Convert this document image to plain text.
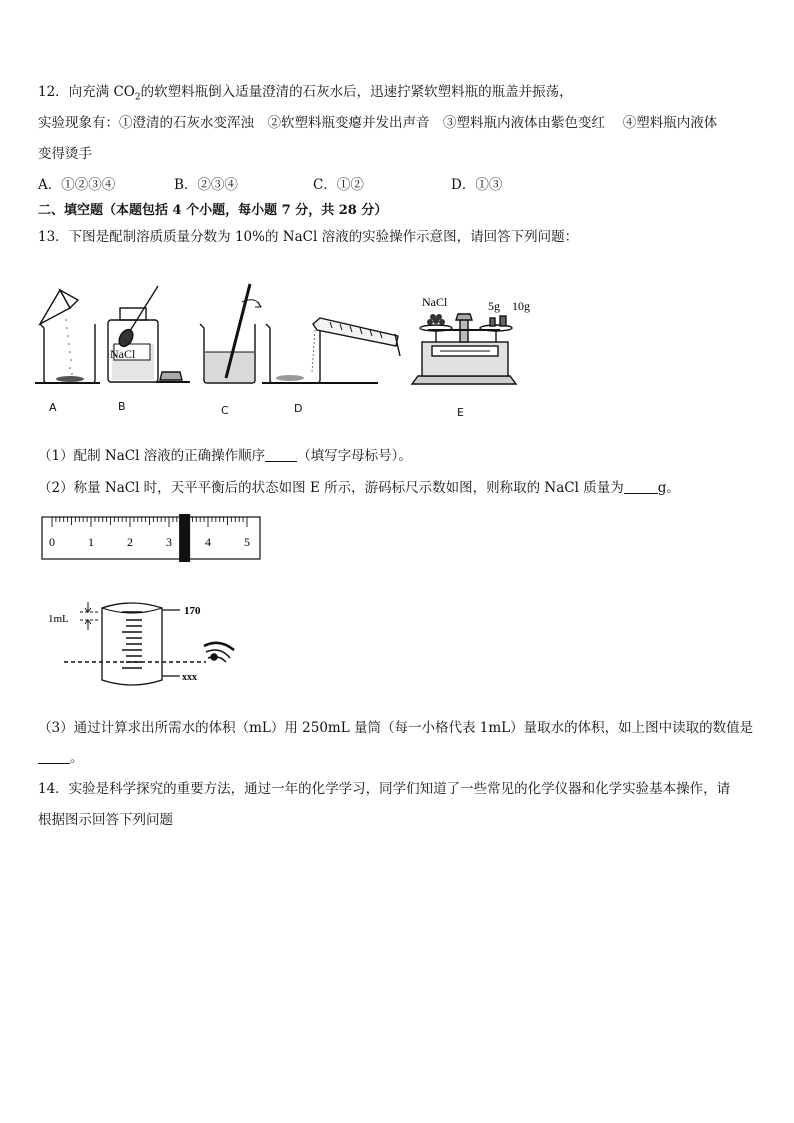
12．向充满 $CO_2$的软塑料瓶倒入适量澄清的石灰水后，迅速拧紧软塑料瓶的瓶盖并振荡，
实验现象有：①澄清的石灰水变浑浊　②软塑料瓶变瘪并发出声音　③塑料瓶内液体由紫色变红　 ④塑料瓶内液体
变得烫手
A．①②③④	B．②③④	C．①②	D．①③
二、填空题（本题包括 4 个小题，每小题 7 分，共 28 分）
13．下图是配制溶质质量分数为 10%的 NaCl 溶液的实验操作示意图，请回答下列问题：
NaCl
NaCl	5g 10g
A	B	C	D	E
（1）配制 NaCl 溶液的正确操作顺序 （填写字母标号）。
（2）称量 NaCl 时，天平平衡后的状态如图 E 所示，游码标尺示数如图，则称取的 NaCl 质量为	g。
0	1	2	3	4	5
1mL
170
xxx
（3）通过计算求出所需水的体积（mL）用 250mL 量筒（每一小格代表 1mL）量取水的体积，如上图中读取的数值是
。
14．实验是科学探究的重要方法，通过一年的化学学习，同学们知道了一些常见的化学仪器和化学实验基本操作，请
根据图示回答下列问题
